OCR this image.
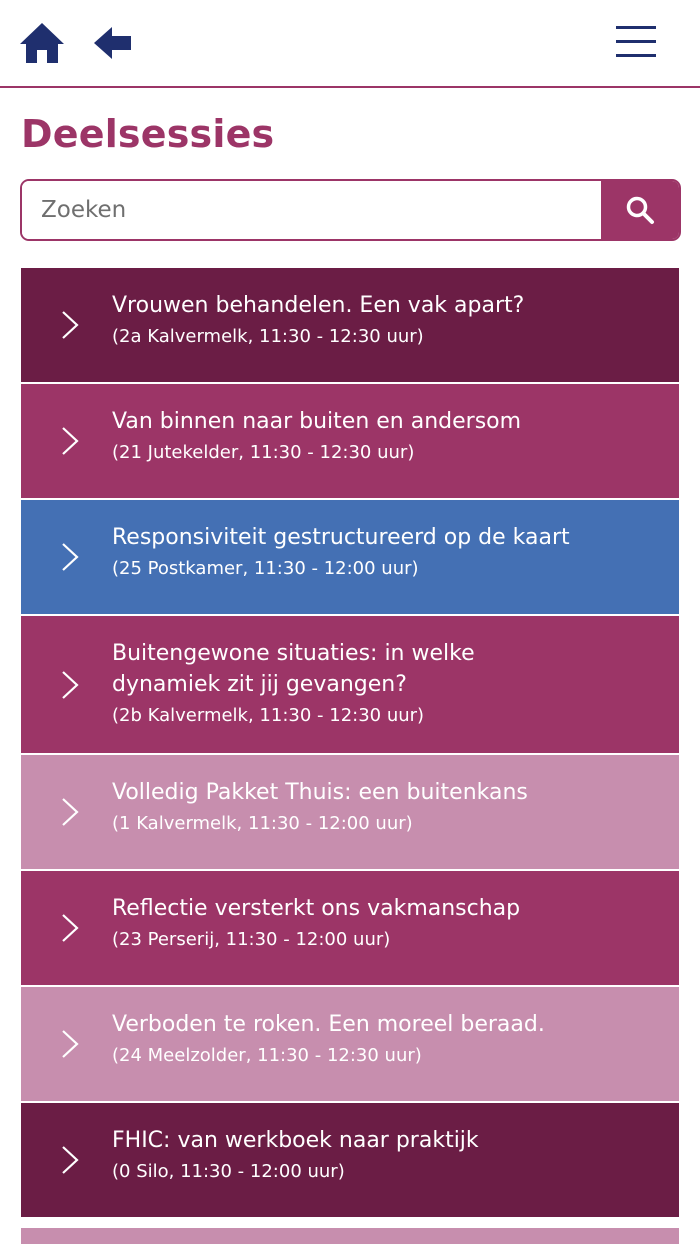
Deelsessies
Zoeken
Vrouwen behandelen. Een vak apart?
(2a Kalvermelk, 11:30 - 12:30 uur)
Van binnen naar buiten en andersom
(21 Jutekelder, 11:30 - 12:30 uur)
Responsiviteit gestructureerd op de kaart
(25 Postkamer, 11:30 - 12:00 uur)
Buitengewone situaties: in welke dynamiek zit jij gevangen?
(2b Kalvermelk, 11:30 - 12:30 uur)
Volledig Pakket Thuis: een buitenkans
(1 Kalvermelk, 11:30 - 12:00 uur)
Reflectie versterkt ons vakmanschap
(23 Perserij, 11:30 - 12:00 uur)
Verboden te roken. Een moreel beraad.
(24 Meelzolder, 11:30 - 12:30 uur)
FHIC: van werkboek naar praktijk
(0 Silo, 11:30 - 12:00 uur)
